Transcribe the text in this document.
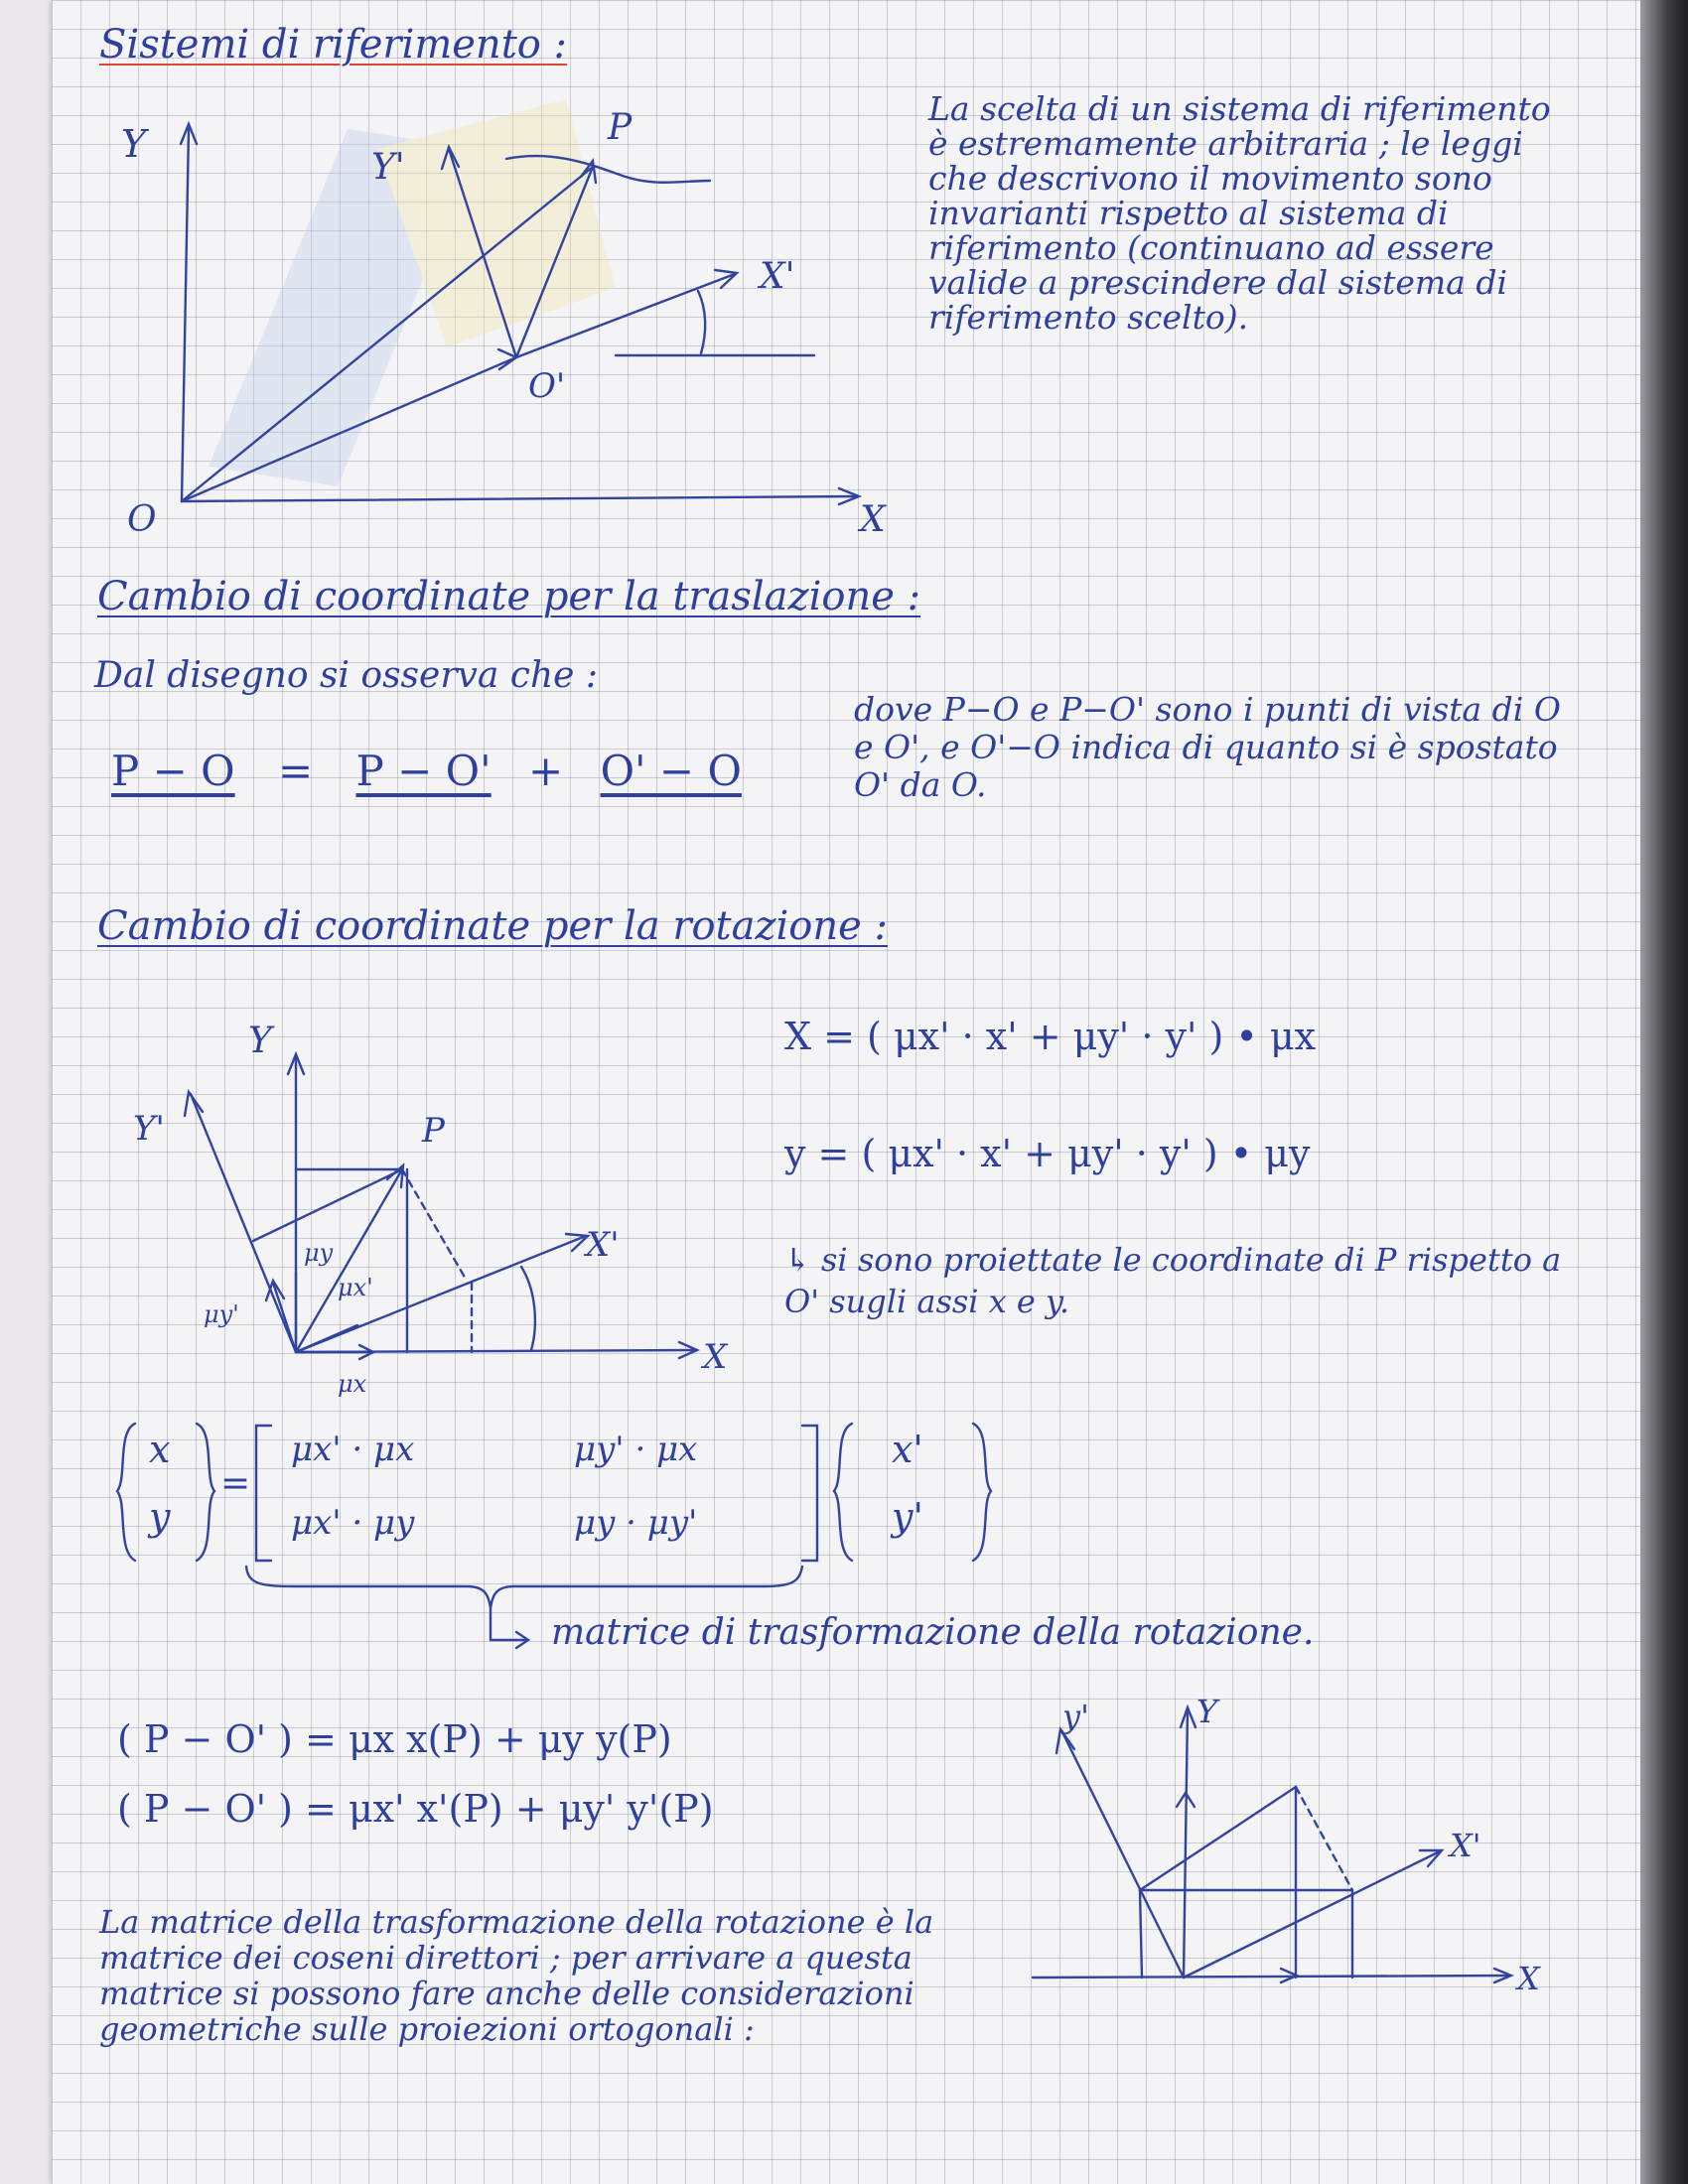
Sistemi di riferimento :
Y
Y'
P
X'
O'
O	X

La scelta di un sistema di riferimento è estremamente arbitraria ; le leggi che descrivono il movimento sono invarianti rispetto al sistema di riferimento (continuano ad essere valide a prescindere dal sistema di riferimento scelto).

Cambio di coordinate per la traslazione :
Dal disegno si osserva che :
P − O = P − O' + O' − O

dove P−O e P−O' sono i punti di vista di O e O', e O'−O indica di quanto si è spostato O' da O.

Cambio di coordinate per la rotazione :
Y
Y'	P
X'
X
μy
μx'
μy'
μx
X = ( μx' · x' + μy' · y' ) • μx
y = ( μx' · x' + μy' · y' ) • μy

↳ si sono proiettate le coordinate di P rispetto a O' sugli assi x e y.

x
y
=
μx' · μx	μy' · μx
μx' · μy	μy · μy'
x'
y'
matrice di trasformazione della rotazione.
( P − O' ) = μx x(P) + μy y(P)
( P − O' ) = μx' x'(P) + μy' y'(P)
y'	Y
X'
X

La matrice della trasformazione della rotazione è la matrice dei coseni direttori ; per arrivare a questa matrice si possono fare anche delle considerazioni geometriche sulle proiezioni ortogonali :
